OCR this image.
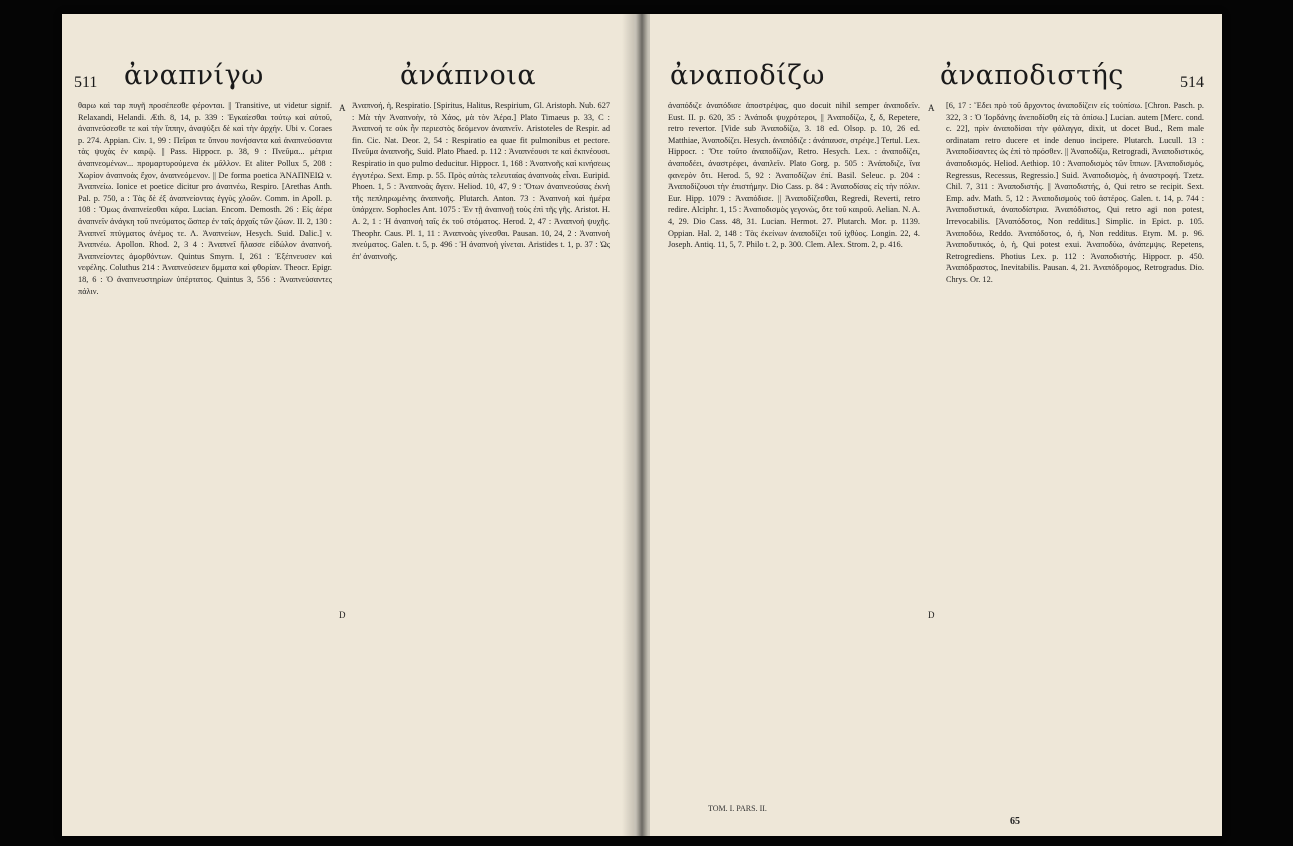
511 ἀναπνίγω	ἀνάπνοια
A
D

θαρω καὶ ταρ πυγῆ προσέπεσθε φέρονται. || Transitive, ut videtur signif. Relaxandi, Helandi. Æth. 8, 14, p. 339 : Ἐγκαίεσθαι τούτῳ καὶ αὐτοῦ, ἀναπνεύσεσθε τε καὶ τὴν ἵππην, ἀναψύξει δὲ καὶ τὴν ἀρχήν. Ubi v. Coraes p. 274. Appian. Civ. 1, 99 : Πεῖραι τε ὕπνου πονήσαντα καὶ ἀναπνεύσαντα τὰς ψυχὰς ἐν καιρῷ. || Pass. Hippocr. p. 38, 9 : Πνεῦμα... μέτρια ἀναπνεομένων... προμαρτυρούμενα ἐκ μᾶλλον. Et aliter Pollux 5, 208 : Χωρὶον ἀναπνοὰς ἔχον, ἀναπνεόμενον. || De forma poetica ἈΝΑΠΝΕΙΩ v. Ἀναπνείω. Ionice et poetice dicitur pro ἀναπνέω, Respiro. [Arethas Anth. Pal. p. 750, a : Τὰς δὲ ἐξ ἀναπνείοντας ἐγγὺς χλοῶν. Comm. in Apoll. p. 108 : Ὅμως ἀναπνείεσθαι κάρα. Lucian. Encom. Demosth. 26 : Εἰς ἀέρα ἀναπνεῖν ἀνάγκη τοῦ πνεύματος ὥσπερ ἐν ταῖς ἀρχαῖς τῶν ζώων. II. 2, 130 : Ἀναπνεῖ πτύγματος ἀνέμος τε. Λ. Ἀναπνείων, Hesych. Suid. Dalic.] v. Ἀναπνέω. Apollon. Rhod. 2, 3 4 : Ἀναπνεῖ ἤλασσε εἰδώλον ἀναπνοή. Ἀναπνείοντες ἀμορθόντων. Quintus Smyrn. I, 261 : Ἐξέπνευσεν καὶ νεφέλης. Coluthus 214 : Ἀναπνεύσειεν ὄμματα καὶ φθορίαν. Theocr. Epigr. 18, 6 : Ὁ ἀναπνευστηρίων ὑπέρτατος. Quintus 3, 556 : Ἀναπνεύσαντες πάλιν.

Ἀναπνοή, ἡ, Respiratio. [Spiritus, Halitus, Respirium, Gl. Aristoph. Nub. 627 : Μὰ τὴν Ἀναπνοὴν, τὸ Χάος, μὰ τὸν Ἀέρα.] Plato Timaeus p. 33, C : Ἀναπνοὴ τε οὐκ ἦν περιεστὸς δεόμενον ἀναπνεῖν. Aristoteles de Respir. ad fin. Cic. Nat. Deor. 2, 54 : Respiratio ea quae fit pulmonibus et pectore. Πνεῦμα ἀναπνοῆς, Suid. Plato Phaed. p. 112 : Ἀναπνέουσι τε καὶ ἐκπνέουσι. Respiratio in quo pulmo deducitur. Hippocr. 1, 168 : Ἀναπνοῆς καὶ κινήσεως ἐγγυτέρω. Sext. Emp. p. 55. Πρὸς αὐτὰς τελευταίας ἀναπνοὰς εἶναι. Euripid. Phoen. 1, 5 : Ἀναπνοὰς ἄγειν. Heliod. 10, 47, 9 : Ὅτων ἀναπνεούσας ἐκνὴ τῆς πεπληρωμένης ἀναπνοῆς. Plutarch. Anton. 73 : Ἀναπνοὴ καὶ ἡμέρα ὑπάρχειν. Sophocles Ant. 1075 : Ἐν τῇ ἀναπνοῇ τοὺς ἐπὶ τῆς γῆς. Aristot. H. A. 2, 1 : Ἡ ἀναπνοὴ ταῖς ἐκ τοῦ στόματος. Herod. 2, 47 : Ἀναπνοὴ ψυχῆς. Theophr. Caus. Pl. 1, 11 : Ἀναπνοὰς γίνεσθαι. Pausan. 10, 24, 2 : Ἀναπνοὴ πνεύματος. Galen. t. 5, p. 496 : Ἡ ἀναπνοὴ γίνεται. Aristides t. 1, p. 37 : Ὡς ἐπ' ἀναπνοῆς.

ἀναποδίζω	ἀναποδιστής	514
A
D

ἀναπόδιζε ἀναπόδισε ἀποστρέψας, quo docuit nihil semper ἀναποδεῖν. Eust. II. p. 620, 35 : Ἀνάποδι ψυχρότεροι, || Ἀναποδίζω, ξ, δ, Repetere, retro revertor. [Vide sub Ἀναποδίζω, 3. 18 ed. Olsop. p. 10, 26 ed. Matthiae, Ἀναποδίζει. Hesych. ἀναπόδιζε : ἀνάπαυσε, στρέψε.] Tertul. Lex. Hippocr. : Ὅτε τοῦτο ἀναποδίζων, Retro. Hesych. Lex. : ἀναποδίζει, ἀναποδέει, ἀναστρέφει, ἀναπλεῖν. Plato Gorg. p. 505 : Ἀνάποδιζε, ἵνα φανερὸν ὅτι. Herod. 5, 92 : Ἀναποδίζων ἐπί. Basil. Seleuc. p. 204 : Ἀναποδίζουσι τὴν ἐπιστήμην. Dio Cass. p. 84 : Ἀναποδίσας εἰς τὴν πόλιν. Eur. Hipp. 1079 : Ἀναπόδισε. || Ἀναποδίζεσθαι, Regredi, Reverti, retro redire. Alciphr. 1, 15 : Ἀναποδισμὸς γεγονώς, ὅτε τοῦ καιροῦ. Aelian. N. A. 4, 29. Dio Cass. 48, 31. Lucian. Hermot. 27. Plutarch. Mor. p. 1139. Oppian. Hal. 2, 148 : Τὰς ἐκείνων ἀναποδίζει τοῦ ἰχθύος. Longin. 22, 4. Joseph. Antiq. 11, 5, 7. Philo t. 2, p. 300. Clem. Alex. Strom. 2, p. 416.

[6, 17 : Ἔδει πρὸ τοῦ ἄρχοντος ἀναποδίζειν εἰς τοὐπίσω. [Chron. Pasch. p. 322, 3 : Ὁ Ἰορδάνης ἀνεποδίσθη εἰς τὰ ὀπίσω.] Lucian. autem [Merc. cond. c. 22], πρὶν ἀναποδίσαι τὴν φάλαγγα, dixit, ut docet Bud., Rem male ordinatam retro ducere et inde denuo incipere. Plutarch. Lucull. 13 : Ἀναποδίσαντες ὡς ἐπί τὸ πρόσθεν. || Ἀναποδίζω, Retrogradi, Ἀναποδιστικός, ἀναποδισμός. Heliod. Aethiop. 10 : Ἀναποδισμὸς τῶν ἵππων. [Ἀναποδισμός, Regressus, Recessus, Regressio.] Suid. Ἀναποδισμὸς, ἡ ἀναστροφή. Tzetz. Chil. 7, 311 : Ἀναποδιστὴς. || Ἀναποδιστής, ὁ, Qui retro se recipit. Sext. Emp. adv. Math. 5, 12 : Ἀναποδισμοὺς τοῦ ἀστέρος. Galen. t. 14, p. 744 : Ἀναποδιστικά, ἀναποδίστρια. Ἀναπόδιστος, Qui retro agi non potest, Irrevocabilis. [Ἀναπόδοτος, Non redditus.] Simplic. in Epict. p. 105. Ἀναποδόω, Reddo. Ἀναπόδοτος, ὁ, ἡ, Non redditus. Etym. M. p. 96. Ἀναποδυτικός, ὁ, ἡ, Qui potest exui. Ἀναποδύω, ἀνάπεμψις. Repetens, Retrogrediens. Photius Lex. p. 112 : Ἀναποδιστής. Hippocr. p. 450. Ἀναπόδραστος, Inevitabilis. Pausan. 4, 21. Ἀναπόδρομος, Retrogradus. Dio. Chrys. Or. 12.

TOM. I. PARS. II.
65
